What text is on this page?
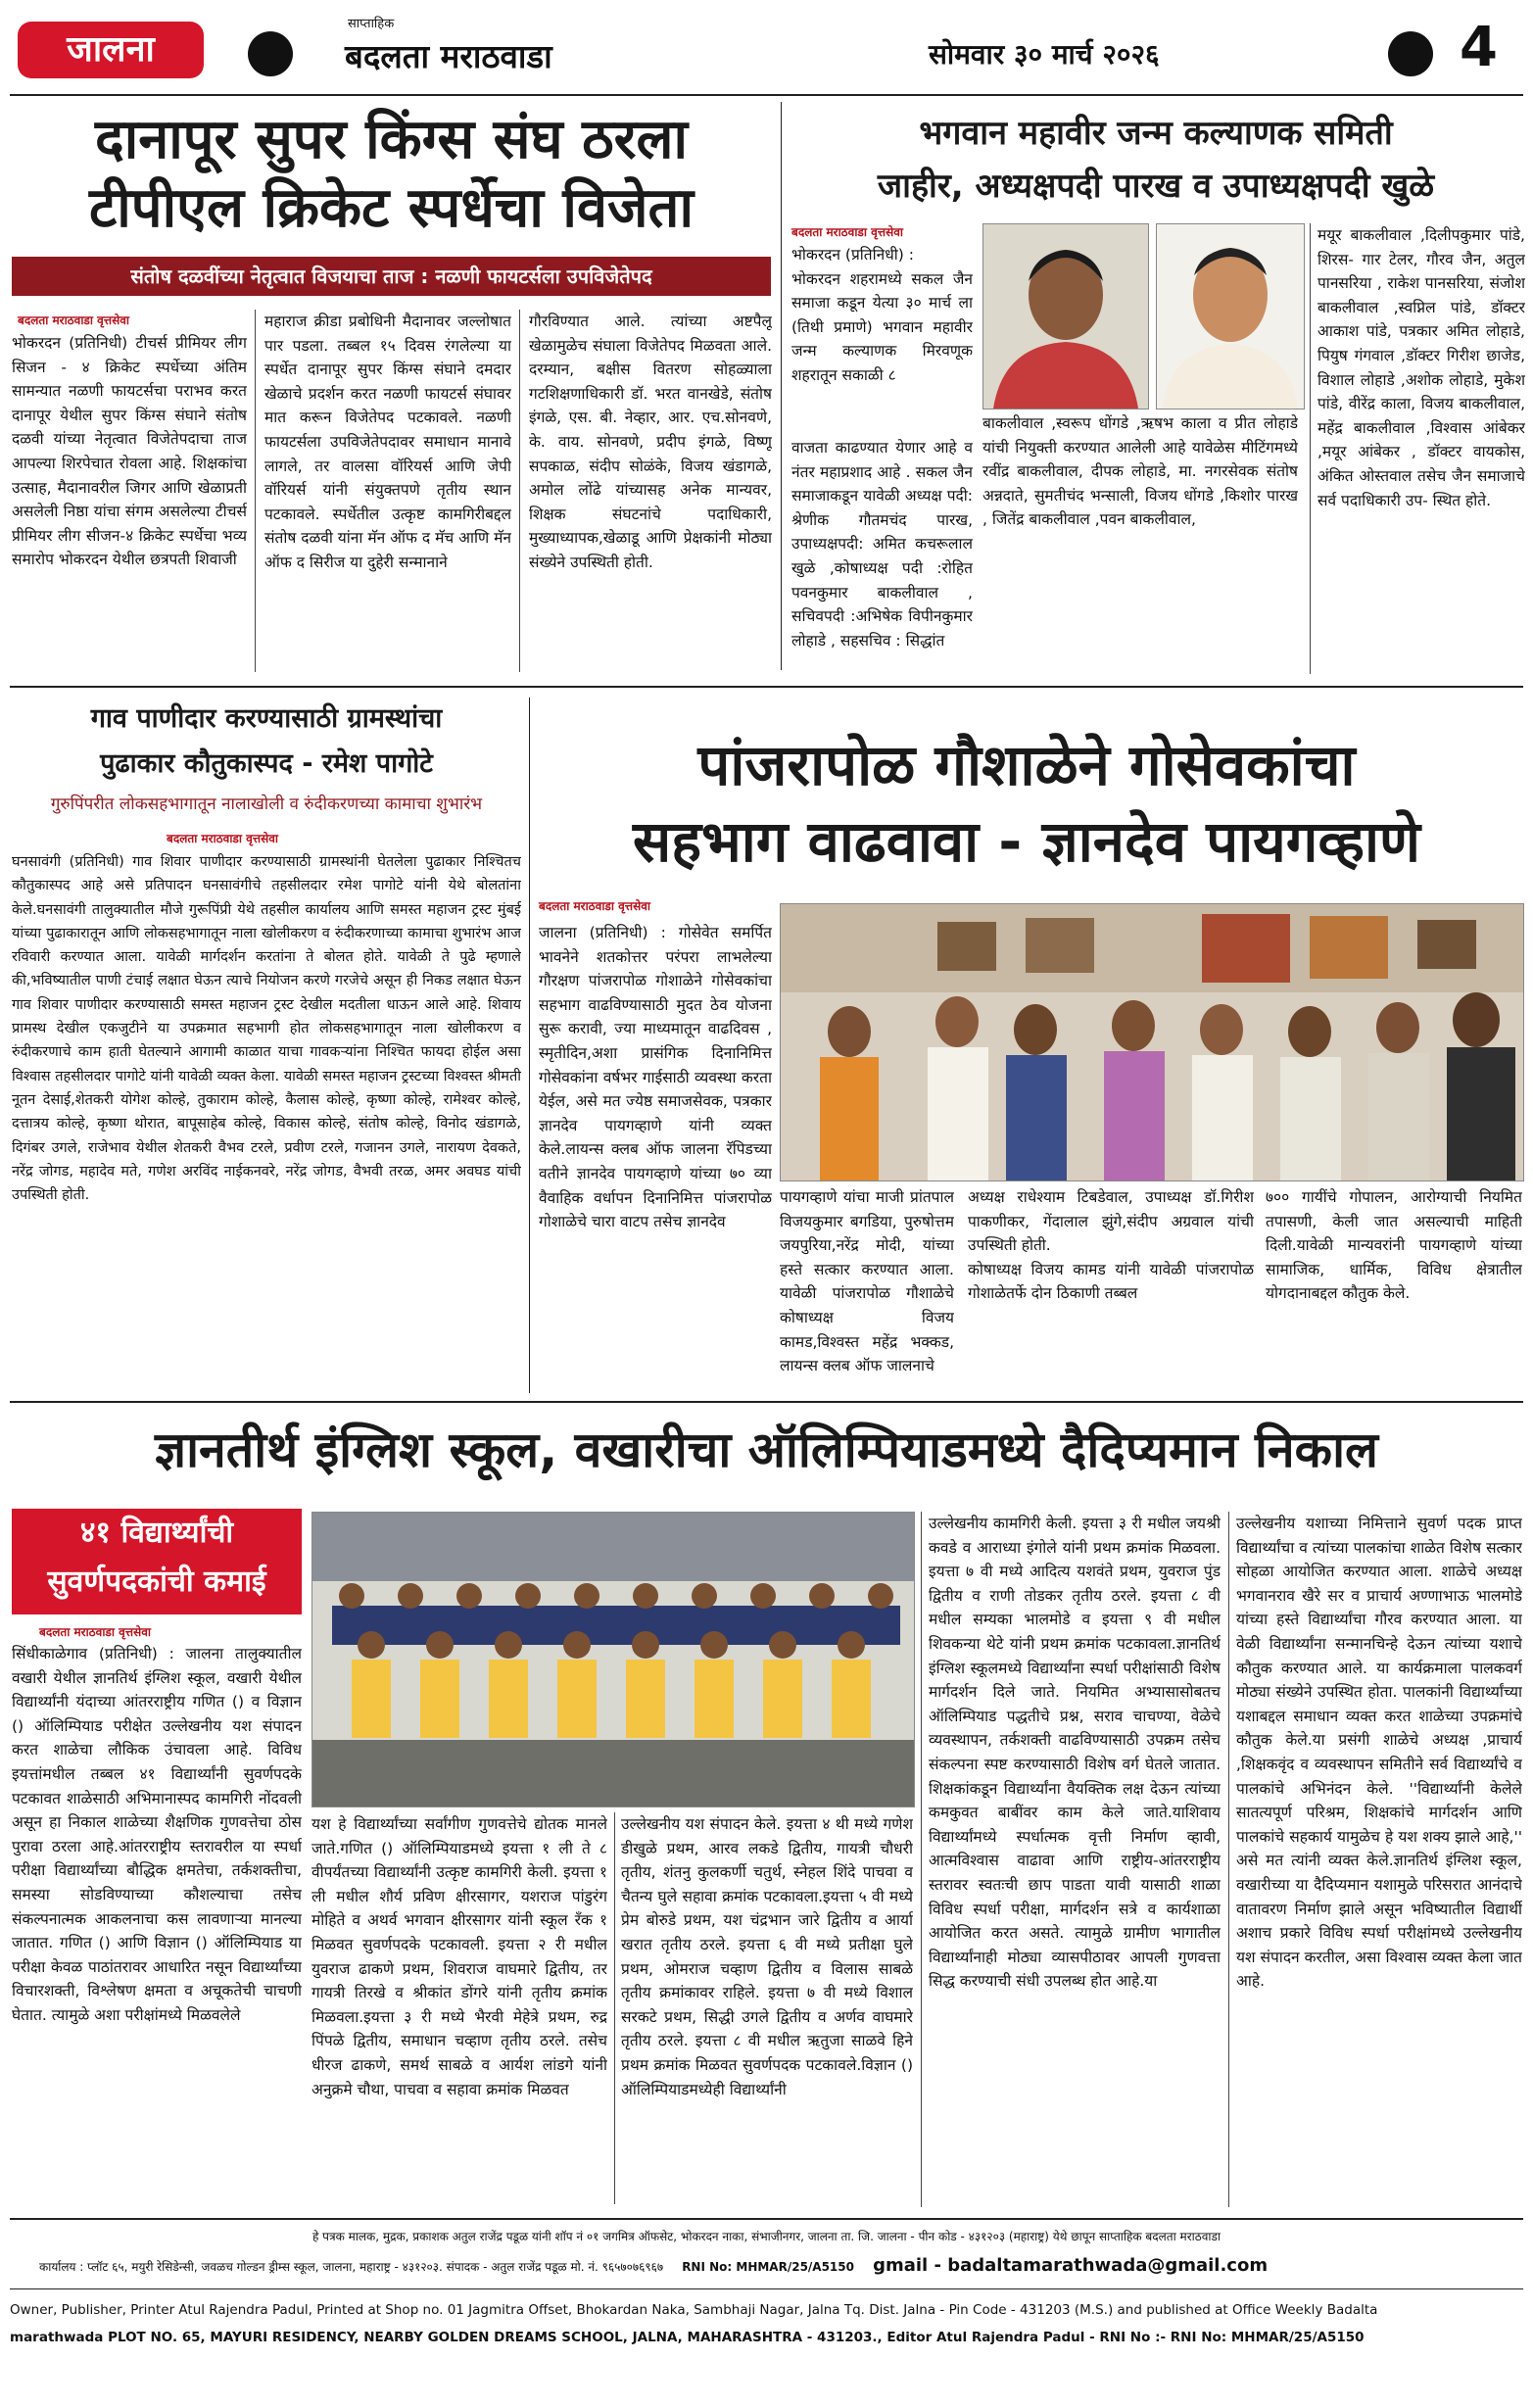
जालना
साप्ताहिक
बदलता मराठवाडा	सोमवार ३० मार्च २०२६	4
दानापूर सुपर किंग्स संघ ठरला
टीपीएल क्रिकेट स्पर्धेचा विजेता
संतोष दळवींच्या नेतृत्वात विजयाचा ताज : नळणी फायटर्सला उपविजेतेपद
बदलता मराठवाडा वृत्तसेवा
भोकरदन (प्रतिनिधी) टीचर्स प्रीमियर लीग सिजन - ४ क्रिकेट स्पर्धेच्या अंतिम सामन्यात नळणी फायटर्सचा पराभव करत दानापूर येथील सुपर किंग्स संघाने संतोष दळवी यांच्या नेतृत्वात विजेतेपदाचा ताज आपल्या शिरपेचात रोवला आहे. शिक्षकांचा उत्साह, मैदानावरील जिगर आणि खेळाप्रती असलेली निष्ठा यांचा संगम असलेल्या टीचर्स प्रीमियर लीग सीजन-४ क्रिकेट स्पर्धेचा भव्य समारोप भोकरदन येथील छत्रपती शिवाजी
महाराज क्रीडा प्रबोधिनी मैदानावर जल्लोषात पार पडला. तब्बल १५ दिवस रंगलेल्या या स्पर्धेत दानापूर सुपर किंग्स संघाने दमदार खेळाचे प्रदर्शन करत नळणी फायटर्स संघावर मात करून विजेतेपद पटकावले. नळणी फायटर्सला उपविजेतेपदावर समाधान मानावे लागले, तर वालसा वॉरियर्स आणि जेपी वॉरियर्स यांनी संयुक्तपणे तृतीय स्थान पटकावले. स्पर्धेतील उत्कृष्ट कामगिरीबद्दल संतोष दळवी यांना मॅन ऑफ द मॅच आणि मॅन ऑफ द सिरीज या दुहेरी सन्मानाने
गौरविण्यात आले. त्यांच्या अष्टपैलू खेळामुळेच संघाला विजेतेपद मिळवता आले. दरम्यान, बक्षीस वितरण सोहळ्याला गटशिक्षणाधिकारी डॉ. भरत वानखेडे, संतोष इंगळे, एस. बी. नेव्हार, आर. एच.सोनवणे, के. वाय. सोनवणे, प्रदीप इंगळे, विष्णू सपकाळ, संदीप सोळंके, विजय खंडागळे, अमोल लोंढे यांच्यासह अनेक मान्यवर, शिक्षक संघटनांचे पदाधिकारी, मुख्याध्यापक,खेळाडू आणि प्रेक्षकांनी मोठ्या संख्येने उपस्थिती होती.
भगवान महावीर जन्म कल्याणक समिती
जाहीर, अध्यक्षपदी पारख व उपाध्यक्षपदी खुळे
बदलता मराठवाडा वृत्तसेवा
भोकरदन (प्रतिनिधी) :
भोकरदन शहरामध्ये सकल जैन समाजा कडून येत्या ३० मार्च ला (तिथी प्रमाणे) भगवान महावीर जन्म कल्याणक मिरवणूक शहरातून सकाळी ८
वाजता काढण्यात येणार आहे व नंतर महाप्रशाद आहे . सकल जैन समाजाकडून यावेळी अध्यक्ष पदी: श्रेणीक गौतमचंद पारख, उपाध्यक्षपदी: अमित कचरूलाल खुळे ,कोषाध्यक्ष पदी :रोहित पवनकुमार बाकलीवाल , सचिवपदी :अभिषेक विपीनकुमार लोहाडे , सहसचिव : सिद्धांत
बाकलीवाल ,स्वरूप धोंगडे ,ऋषभ काला व प्रीत लोहाडे यांची नियुक्ती करण्यात आलेली आहे यावेळेस मीटिंगमध्ये रवींद्र बाकलीवाल, दीपक लोहाडे, मा. नगरसेवक संतोष अन्नदाते, सुमतीचंद भन्साली, विजय धोंगडे ,किशोर पारख , जितेंद्र बाकलीवाल ,पवन बाकलीवाल,
मयूर बाकलीवाल ,दिलीपकुमार पांडे, शिरस- गार टेलर, गौरव जैन, अतुल पानसरिया , राकेश पानसरिया, संजोश बाकलीवाल ,स्वप्निल पांडे, डॉक्टर आकाश पांडे, पत्रकार अमित लोहाडे, पियुष गंगवाल ,डॉक्टर गिरीश छाजेड, विशाल लोहाडे ,अशोक लोहाडे, मुकेश पांडे, वीरेंद्र काला, विजय बाकलीवाल, महेंद्र बाकलीवाल ,विश्वास आंबेकर ,मयूर आंबेकर , डॉक्टर वायकोस, अंकित ओस्तवाल तसेच जैन समाजाचे सर्व पदाधिकारी उप- स्थित होते.
गाव पाणीदार करण्यासाठी ग्रामस्थांचा
पुढाकार कौतुकास्पद - रमेश पागोटे
गुरुपिंपरीत लोकसहभागातून नालाखोली व रुंदीकरणच्या कामाचा शुभारंभ
बदलता मराठवाडा वृत्तसेवा
घनसावंगी (प्रतिनिधी) गाव शिवार पाणीदार करण्यासाठी ग्रामस्थांनी घेतलेला पुढाकार निश्चितच कौतुकास्पद आहे असे प्रतिपादन घनसावंगीचे तहसीलदार रमेश पागोटे यांनी येथे बोलतांना केले.घनसावंगी तालुक्यातील मौजे गुरूपिंप्री येथे तहसील कार्यालय आणि समस्त महाजन ट्रस्ट मुंबई यांच्या पुढाकारातून आणि लोकसहभागातून नाला खोलीकरण व रुंदीकरणाच्या कामाचा शुभारंभ आज रविवारी करण्यात आला. यावेळी मार्गदर्शन करतांना ते बोलत होते. यावेळी ते पुढे म्हणाले की,भविष्यातील पाणी टंचाई लक्षात घेऊन त्याचे नियोजन करणे गरजेचे असून ही निकड लक्षात घेऊन गाव शिवार पाणीदार करण्यासाठी समस्त महाजन ट्रस्ट देखील मदतीला धाऊन आले आहे. शिवाय प्रामस्थ देखील एकजुटीने या उपक्रमात सहभागी होत लोकसहभागातून नाला खोलीकरण व रुंदीकरणाचे काम हाती घेतल्याने आगामी काळात याचा गावकऱ्यांना निश्चित फायदा होईल असा विश्वास तहसीलदार पागोटे यांनी यावेळी व्यक्त केला. यावेळी समस्त महाजन ट्रस्टच्या विश्वस्त श्रीमती नूतन देसाई,शेतकरी योगेश कोल्हे, तुकाराम कोल्हे, कैलास कोल्हे, कृष्णा कोल्हे, रामेश्वर कोल्हे, दत्तात्रय कोल्हे, कृष्णा थोरात, बापूसाहेब कोल्हे, विकास कोल्हे, संतोष कोल्हे, विनोद खंडागळे, दिगंबर उगले, राजेभाव येथील शेतकरी वैभव टरले, प्रवीण टरले, गजानन उगले, नारायण देवकते, नरेंद्र जोगड, महादेव मते, गणेश अरविंद नाईकनवरे, नरेंद्र जोगड, वैभवी तरळ, अमर अवघड यांची उपस्थिती होती.
पांजरापोळ गौशाळेने गोसेवकांचा
सहभाग वाढवावा - ज्ञानदेव पायगव्हाणे
बदलता मराठवाडा वृत्तसेवा
जालना (प्रतिनिधी) : गोसेवेत समर्पित भावनेने शतकोत्तर परंपरा लाभलेल्या गौरक्षण पांजरापोळ गोशाळेने गोसेवकांचा सहभाग वाढविण्यासाठी मुदत ठेव योजना सुरू करावी, ज्या माध्यमातून वाढदिवस , स्मृतीदिन,अशा प्रासंगिक दिनानिमित्त गोसेवकांना वर्षभर गाईसाठी व्यवस्था करता येईल, असे मत ज्येष्ठ समाजसेवक, पत्रकार ज्ञानदेव पायगव्हाणे यांनी व्यक्त केले.लायन्स क्लब ऑफ जालना रॅपिडच्या वतीने ज्ञानदेव पायगव्हाणे यांच्या ७० व्या वैवाहिक वर्धापन दिनानिमित्त पांजरापोळ गोशाळेचे चारा वाटप तसेच ज्ञानदेव
पायगव्हाणे यांचा माजी प्रांतपाल विजयकुमार बगडिया, पुरुषोत्तम जयपुरिया,नरेंद्र मोदी, यांच्या हस्ते सत्कार करण्यात आला. यावेळी पांजरापोळ गौशाळेचे कोषाध्यक्ष विजय कामड,विश्वस्त महेंद्र भक्कड, लायन्स क्लब ऑफ जालनाचे
अध्यक्ष राधेश्याम टिबडेवाल, उपाध्यक्ष डॉ.गिरीश पाकणीकर, गेंदालाल झुंगे,संदीप अग्रवाल यांची उपस्थिती होती.
कोषाध्यक्ष विजय कामड यांनी यावेळी पांजरापोळ गोशाळेतर्फे दोन ठिकाणी तब्बल
७०० गायींचे गोपालन, आरोग्याची नियमित तपासणी, केली जात असल्याची माहिती दिली.यावेळी मान्यवरांनी पायगव्हाणे यांच्या सामाजिक, धार्मिक, विविध क्षेत्रातील योगदानाबद्दल कौतुक केले.
ज्ञानतीर्थ इंग्लिश स्कूल, वखारीचा ऑलिम्पियाडमध्ये दैदिप्यमान निकाल
४१ विद्यार्थ्यांची
सुवर्णपदकांची कमाई
बदलता मराठवाडा वृत्तसेवा
सिंधीकाळेगाव (प्रतिनिधी) : जालना तालुक्यातील वखारी येथील ज्ञानतिर्थ इंग्लिश स्कूल, वखारी येथील विद्यार्थ्यांनी यंदाच्या आंतरराष्ट्रीय गणित () व विज्ञान () ऑलिम्पियाड परीक्षेत उल्लेखनीय यश संपादन करत शाळेचा लौकिक उंचावला आहे. विविध इयत्तांमधील तब्बल ४१ विद्यार्थ्यांनी सुवर्णपदके पटकावत शाळेसाठी अभिमानास्पद कामगिरी नोंदवली असून हा निकाल शाळेच्या शैक्षणिक गुणवत्तेचा ठोस पुरावा ठरला आहे.आंतरराष्ट्रीय स्तरावरील या स्पर्धा परीक्षा विद्यार्थ्यांच्या बौद्धिक क्षमतेचा, तर्कशक्तीचा, समस्या सोडविण्याच्या कौशल्याचा तसेच संकल्पनात्मक आकलनाचा कस लावणाऱ्या मानल्या जातात. गणित () आणि विज्ञान () ऑलिम्पियाड या परीक्षा केवळ पाठांतरावर आधारित नसून विद्यार्थ्यांच्या विचारशक्ती, विश्लेषण क्षमता व अचूकतेची चाचणी घेतात. त्यामुळे अशा परीक्षांमध्ये मिळवलेले
यश हे विद्यार्थ्यांच्या सर्वांगीण गुणवत्तेचे द्योतक मानले जाते.गणित () ऑलिम्पियाडमध्ये इयत्ता १ ली ते ८ वीपर्यंतच्या विद्यार्थ्यांनी उत्कृष्ट कामगिरी केली. इयत्ता १ ली मधील शौर्य प्रविण क्षीरसागर, यशराज पांडुरंग मोहिते व अथर्व भगवान क्षीरसागर यांनी स्कूल रँक १ मिळवत सुवर्णपदके पटकावली. इयत्ता २ री मधील युवराज ढाकणे प्रथम, शिवराज वाघमारे द्वितीय, तर गायत्री तिरखे व श्रीकांत डोंगरे यांनी तृतीय क्रमांक मिळवला.इयत्ता ३ री मध्ये भैरवी मेहेत्रे प्रथम, रुद्र पिंपळे द्वितीय, समाधान चव्हाण तृतीय ठरले. तसेच धीरज ढाकणे, समर्थ साबळे व आर्यश लांडगे यांनी अनुक्रमे चौथा, पाचवा व सहावा क्रमांक मिळवत
उल्लेखनीय यश संपादन केले. इयत्ता ४ थी मध्ये गणेश डीखुळे प्रथम, आरव लकडे द्वितीय, गायत्री चौधरी तृतीय, शंतनु कुलकर्णी चतुर्थ, स्नेहल शिंदे पाचवा व चैतन्य घुले सहावा क्रमांक पटकावला.इयत्ता ५ वी मध्ये प्रेम बोरुडे प्रथम, यश चंद्रभान जारे द्वितीय व आर्या खरात तृतीय ठरले. इयत्ता ६ वी मध्ये प्रतीक्षा घुले प्रथम, ओमराज चव्हाण द्वितीय व विलास साबळे तृतीय क्रमांकावर राहिले. इयत्ता ७ वी मध्ये विशाल सरकटे प्रथम, सिद्धी उगले द्वितीय व अर्णव वाघमारे तृतीय ठरले. इयत्ता ८ वी मधील ऋतुजा साळवे हिने प्रथम क्रमांक मिळवत सुवर्णपदक पटकावले.विज्ञान () ऑलिम्पियाडमध्येही विद्यार्थ्यांनी
उल्लेखनीय कामगिरी केली. इयत्ता ३ री मधील जयश्री कवडे व आराध्या इंगोले यांनी प्रथम क्रमांक मिळवला. इयत्ता ७ वी मध्ये आदित्य यशवंते प्रथम, युवराज पुंड द्वितीय व राणी तोडकर तृतीय ठरले. इयत्ता ८ वी मधील सम्यका भालमोडे व इयत्ता ९ वी मधील शिवकन्या थेटे यांनी प्रथम क्रमांक पटकावला.ज्ञानतिर्थ इंग्लिश स्कूलमध्ये विद्यार्थ्यांना स्पर्धा परीक्षांसाठी विशेष मार्गदर्शन दिले जाते. नियमित अभ्यासासोबतच ऑलिम्पियाड पद्धतीचे प्रश्न, सराव चाचण्या, वेळेचे व्यवस्थापन, तर्कशक्ती वाढविण्यासाठी उपक्रम तसेच संकल्पना स्पष्ट करण्यासाठी विशेष वर्ग घेतले जातात. शिक्षकांकडून विद्यार्थ्यांना वैयक्तिक लक्ष देऊन त्यांच्या कमकुवत बाबींवर काम केले जाते.याशिवाय विद्यार्थ्यांमध्ये स्पर्धात्मक वृत्ती निर्माण व्हावी, आत्मविश्वास वाढावा आणि राष्ट्रीय-आंतरराष्ट्रीय स्तरावर स्वतःची छाप पाडता यावी यासाठी शाळा विविध स्पर्धा परीक्षा, मार्गदर्शन सत्रे व कार्यशाळा आयोजित करत असते. त्यामुळे ग्रामीण भागातील विद्यार्थ्यांनाही मोठ्या व्यासपीठावर आपली गुणवत्ता सिद्ध करण्याची संधी उपलब्ध होत आहे.या
उल्लेखनीय यशाच्या निमित्ताने सुवर्ण पदक प्राप्त विद्यार्थ्यांचा व त्यांच्या पालकांचा शाळेत विशेष सत्कार सोहळा आयोजित करण्यात आला. शाळेचे अध्यक्ष भगवानराव खैरे सर व प्राचार्य अण्णाभाऊ भालमोडे यांच्या हस्ते विद्यार्थ्यांचा गौरव करण्यात आला. या वेळी विद्यार्थ्यांना सन्मानचिन्हे देऊन त्यांच्या यशाचे कौतुक करण्यात आले. या कार्यक्रमाला पालकवर्ग मोठ्या संख्येने उपस्थित होता. पालकांनी विद्यार्थ्यांच्या यशाबद्दल समाधान व्यक्त करत शाळेच्या उपक्रमांचे कौतुक केले.या प्रसंगी शाळेचे अध्यक्ष ,प्राचार्य ,शिक्षकवृंद व व्यवस्थापन समितीने सर्व विद्यार्थ्यांचे व पालकांचे अभिनंदन केले. ''विद्यार्थ्यांनी केलेले सातत्यपूर्ण परिश्रम, शिक्षकांचे मार्गदर्शन आणि पालकांचे सहकार्य यामुळेच हे यश शक्य झाले आहे,'' असे मत त्यांनी व्यक्त केले.ज्ञानतिर्थ इंग्लिश स्कूल, वखारीच्या या दैदिप्यमान यशामुळे परिसरात आनंदाचे वातावरण निर्माण झाले असून भविष्यातील विद्यार्थी अशाच प्रकारे विविध स्पर्धा परीक्षांमध्ये उल्लेखनीय यश संपादन करतील, असा विश्वास व्यक्त केला जात आहे.
हे पत्रक मालक, मुद्रक, प्रकाशक अतुल राजेंद्र पडूळ यांनी शॉप नं ०१ जगमित्र ऑफसेट, भोकरदन नाका, संभाजीनगर, जालना ता. जि. जालना - पीन कोड - ४३१२०३ (महाराष्ट्र) येथे छापून साप्ताहिक बदलता मराठवाडा
कार्यालय : प्लॉट ६५, मयुरी रेसिडेन्सी, जवळच गोल्डन ड्रीम्स स्कूल, जालना, महाराष्ट्र - ४३१२०३. संपादक - अतुल राजेंद्र पडूळ मो. नं. ९६५७०७६९६७ RNI No: MHMAR/25/A5150 gmail - badaltamarathwada@gmail.com
Owner, Publisher, Printer Atul Rajendra Padul, Printed at Shop no. 01 Jagmitra Offset, Bhokardan Naka, Sambhaji Nagar, Jalna Tq. Dist. Jalna - Pin Code - 431203 (M.S.) and published at Office Weekly Badalta
marathwada PLOT NO. 65, MAYURI RESIDENCY, NEARBY GOLDEN DREAMS SCHOOL, JALNA, MAHARASHTRA - 431203., Editor Atul Rajendra Padul - RNI No :- RNI No: MHMAR/25/A5150
